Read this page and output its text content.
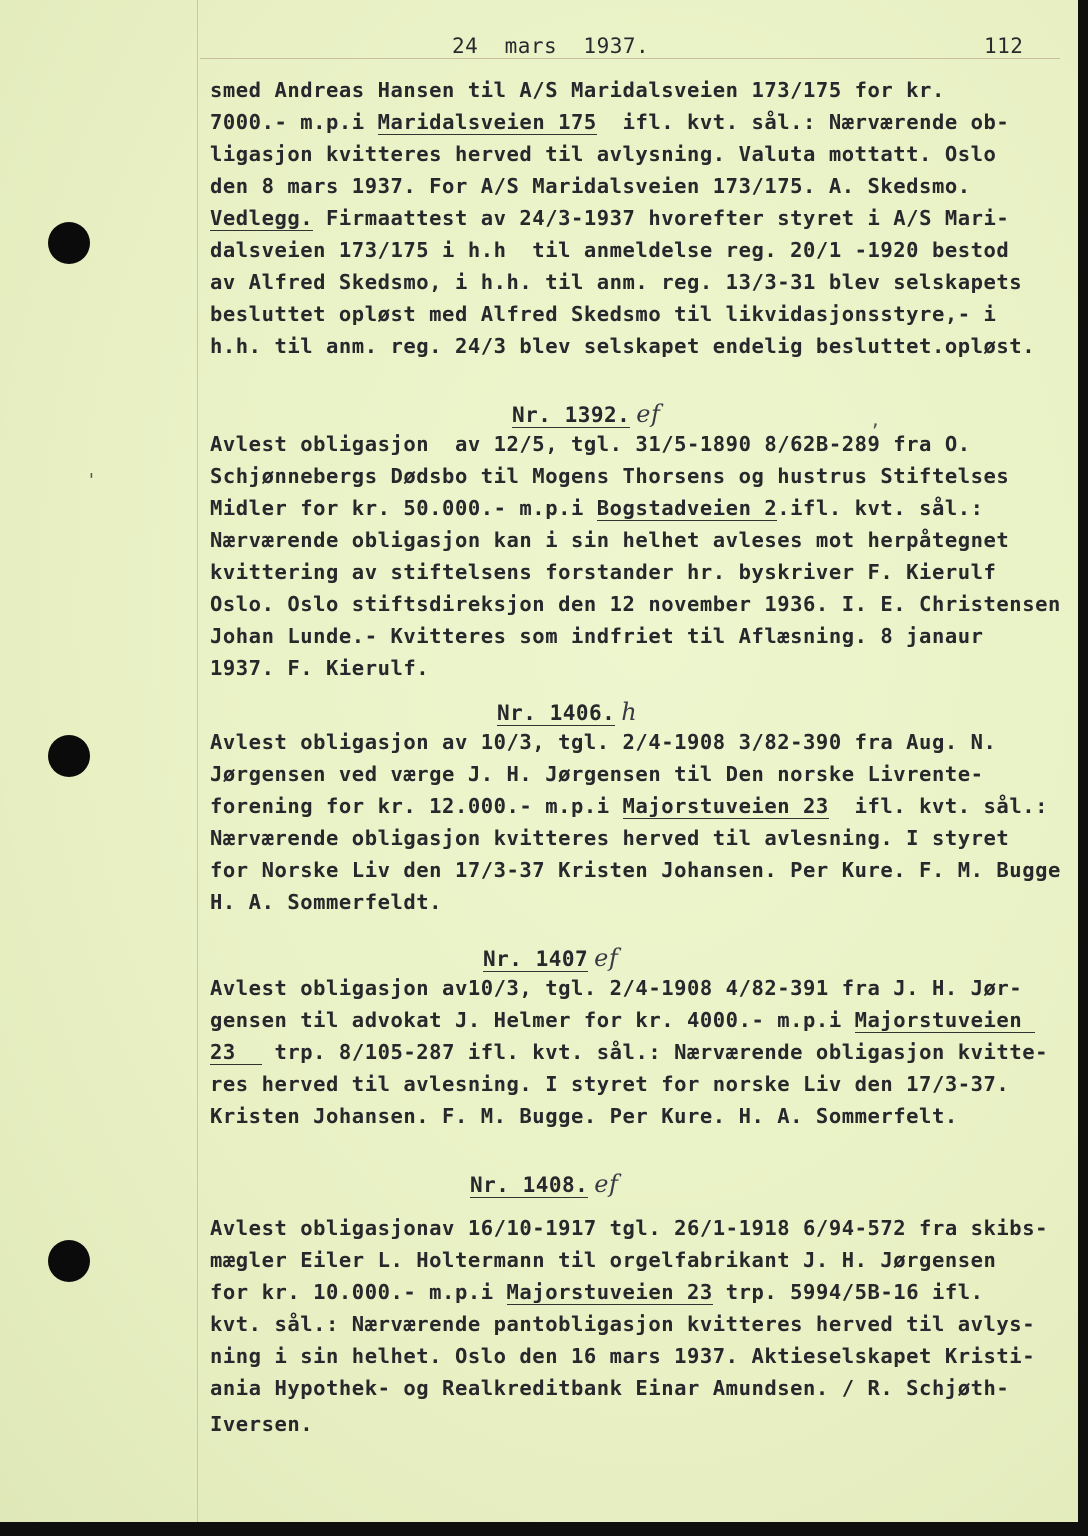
'
,
24  mars  1937.	112
smed Andreas Hansen til A/S Maridalsveien 173/175 for kr.
7000.- m.p.i Maridalsveien 175  ifl. kvt. sål.: Nærværende ob-
ligasjon kvitteres herved til avlysning. Valuta mottatt. Oslo
den 8 mars 1937. For A/S Maridalsveien 173/175. A. Skedsmo.
Vedlegg. Firmaattest av 24/3-1937 hvorefter styret i A/S Mari-
dalsveien 173/175 i h.h  til anmeldelse reg. 20/1 -1920 bestod
av Alfred Skedsmo, i h.h. til anm. reg. 13/3-31 blev selskapets
besluttet opløst med Alfred Skedsmo til likvidasjonsstyre,- i
h.h. til anm. reg. 24/3 blev selskapet endelig besluttet.opløst.
Nr. 1392. ef
Avlest obligasjon  av 12/5, tgl. 31/5-1890 8/62B-289 fra O.
Schjønnebergs Dødsbo til Mogens Thorsens og hustrus Stiftelses
Midler for kr. 50.000.- m.p.i Bogstadveien 2.ifl. kvt. sål.:
Nærværende obligasjon kan i sin helhet avleses mot herpåtegnet
kvittering av stiftelsens forstander hr. byskriver F. Kierulf
Oslo. Oslo stiftsdireksjon den 12 november 1936. I. E. Christensen
Johan Lunde.- Kvitteres som indfriet til Aflæsning. 8 janaur
1937. F. Kierulf.
Nr. 1406. h
Avlest obligasjon av 10/3, tgl. 2/4-1908 3/82-390 fra Aug. N.
Jørgensen ved værge J. H. Jørgensen til Den norske Livrente-
forening for kr. 12.000.- m.p.i Majorstuveien 23  ifl. kvt. sål.:
Nærværende obligasjon kvitteres herved til avlesning. I styret
for Norske Liv den 17/3-37 Kristen Johansen. Per Kure. F. M. Bugge
H. A. Sommerfeldt.
Nr. 1407 ef
Avlest obligasjon av10/3, tgl. 2/4-1908 4/82-391 fra J. H. Jør-
gensen til advokat J. Helmer for kr. 4000.- m.p.i Majorstuveien
23   trp. 8/105-287 ifl. kvt. sål.: Nærværende obligasjon kvitte-
res herved til avlesning. I styret for norske Liv den 17/3-37.
Kristen Johansen. F. M. Bugge. Per Kure. H. A. Sommerfelt.
Nr. 1408. ef
Avlest obligasjonav 16/10-1917 tgl. 26/1-1918 6/94-572 fra skibs-
mægler Eiler L. Holtermann til orgelfabrikant J. H. Jørgensen
for kr. 10.000.- m.p.i Majorstuveien 23 trp. 5994/5B-16 ifl.
kvt. sål.: Nærværende pantobligasjon kvitteres herved til avlys-
ning i sin helhet. Oslo den 16 mars 1937. Aktieselskapet Kristi-
ania Hypothek- og Realkreditbank Einar Amundsen. / R. Schjøth-
Iversen.
